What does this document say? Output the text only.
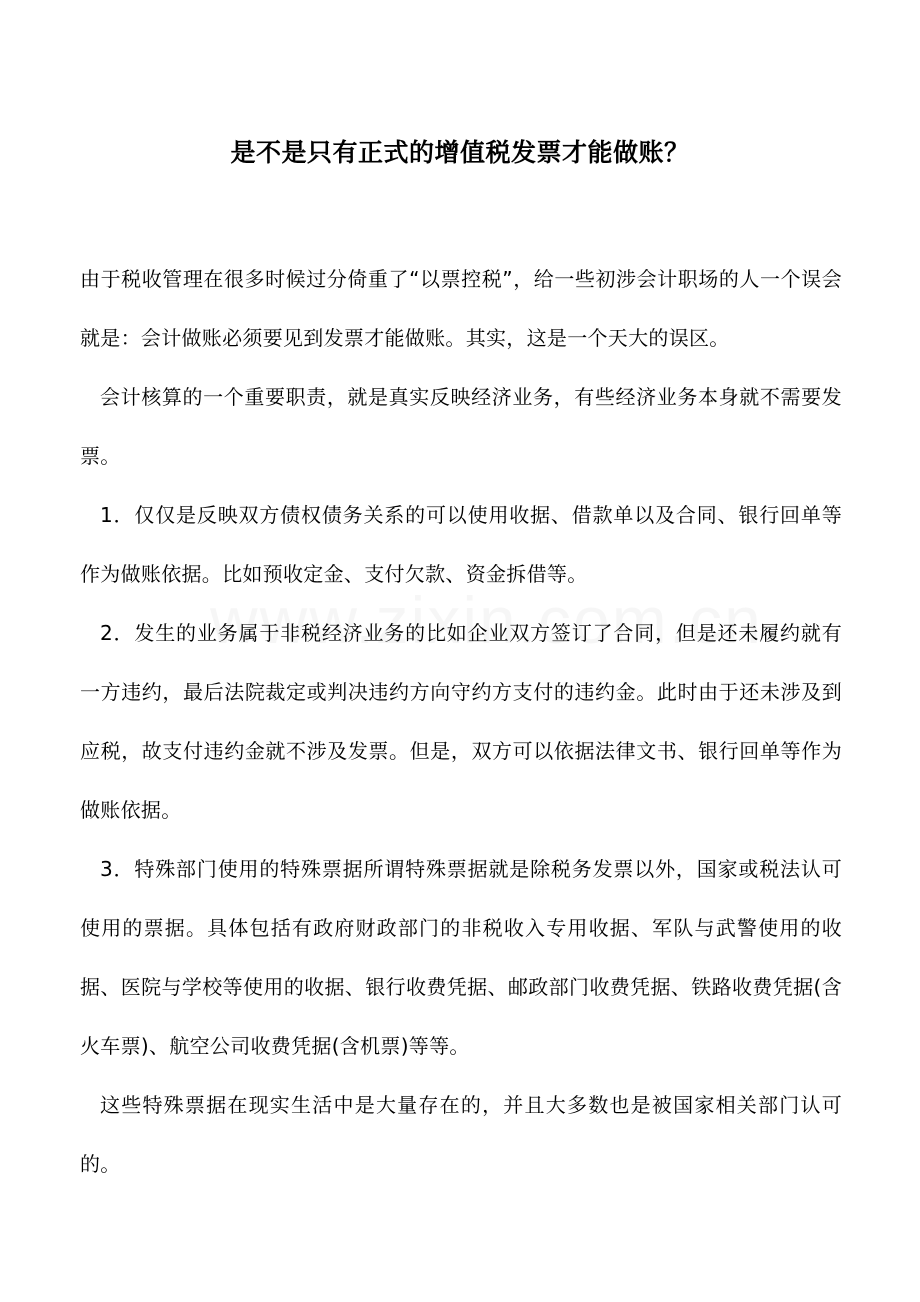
是不是只有正式的增值税发票才能做账？

由于税收管理在很多时候过分倚重了“以票控税”，给一些初涉会计职场的人一个误会就是：会计做账必须要见到发票才能做账。其实，这是一个天大的误区。

会计核算的一个重要职责，就是真实反映经济业务，有些经济业务本身就不需要发票。

1．仅仅是反映双方债权债务关系的可以使用收据、借款单以及合同、银行回单等作为做账依据。比如预收定金、支付欠款、资金拆借等。

2．发生的业务属于非税经济业务的比如企业双方签订了合同，但是还未履约就有一方违约，最后法院裁定或判决违约方向守约方支付的违约金。此时由于还未涉及到应税，故支付违约金就不涉及发票。但是，双方可以依据法律文书、银行回单等作为做账依据。

3．特殊部门使用的特殊票据所谓特殊票据就是除税务发票以外，国家或税法认可使用的票据。具体包括有政府财政部门的非税收入专用收据、军队与武警使用的收据、医院与学校等使用的收据、银行收费凭据、邮政部门收费凭据、铁路收费凭据(含火车票)、航空公司收费凭据(含机票)等等。

这些特殊票据在现实生活中是大量存在的，并且大多数也是被国家相关部门认可的。
